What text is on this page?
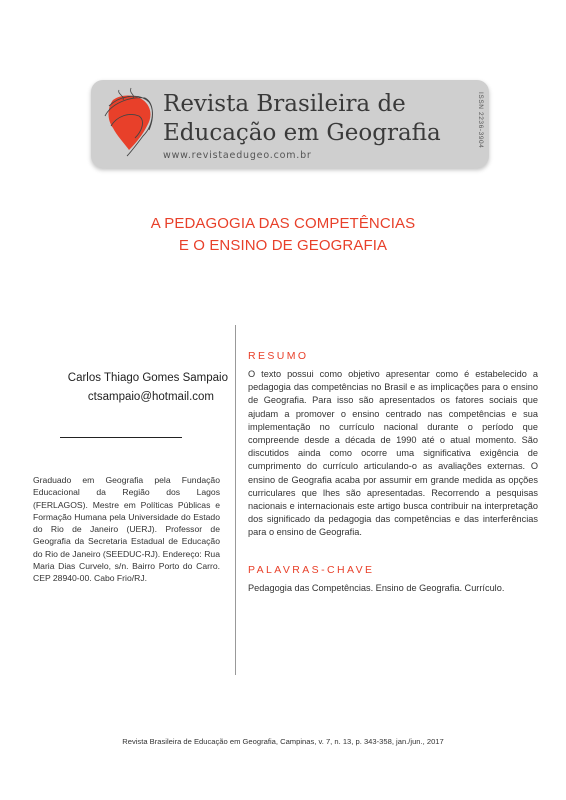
Revista Brasileira de
Educação em Geografia
www.revistaedugeo.com.br
ISSN 2236-3904
A PEDAGOGIA DAS COMPETÊNCIAS
E O ENSINO DE GEOGRAFIA
Carlos Thiago Gomes Sampaio
ctsampaio@hotmail.com
Graduado em Geografia pela Fundação Educacional da Região dos Lagos (FERLAGOS). Mestre em Políticas Públicas e Formação Humana pela Universidade do Estado do Rio de Janeiro (UERJ). Professor de Geografia da Secretaria Estadual de Educação do Rio de Janeiro (SEEDUC-RJ). Endereço: Rua Maria Dias Curvelo, s/n. Bairro Porto do Carro. CEP 28940-00. Cabo Frio/RJ.
RESUMO
O texto possui como objetivo apresentar como é estabelecido a pedagogia das competências no Brasil e as implicações para o ensino de Geografia. Para isso são apresentados os fatores sociais que ajudam a promover o ensino centrado nas competências e sua implementação no currículo nacional durante o período que compreende desde a década de 1990 até o atual momento. São discutidos ainda como ocorre uma significativa exigência de cumprimento do currículo articulando-o as avaliações externas. O ensino de Geografia acaba por assumir em grande medida as opções curriculares que lhes são apresentadas. Recorrendo a pesquisas nacionais e internacionais este artigo busca contribuir na interpretação dos significado da pedagogia das competências e das interferências para o ensino de Geografia.
PALAVRAS-CHAVE
Pedagogia das Competências. Ensino de Geografia. Currículo.
Revista Brasileira de Educação em Geografia, Campinas, v. 7, n. 13, p. 343-358, jan./jun., 2017
